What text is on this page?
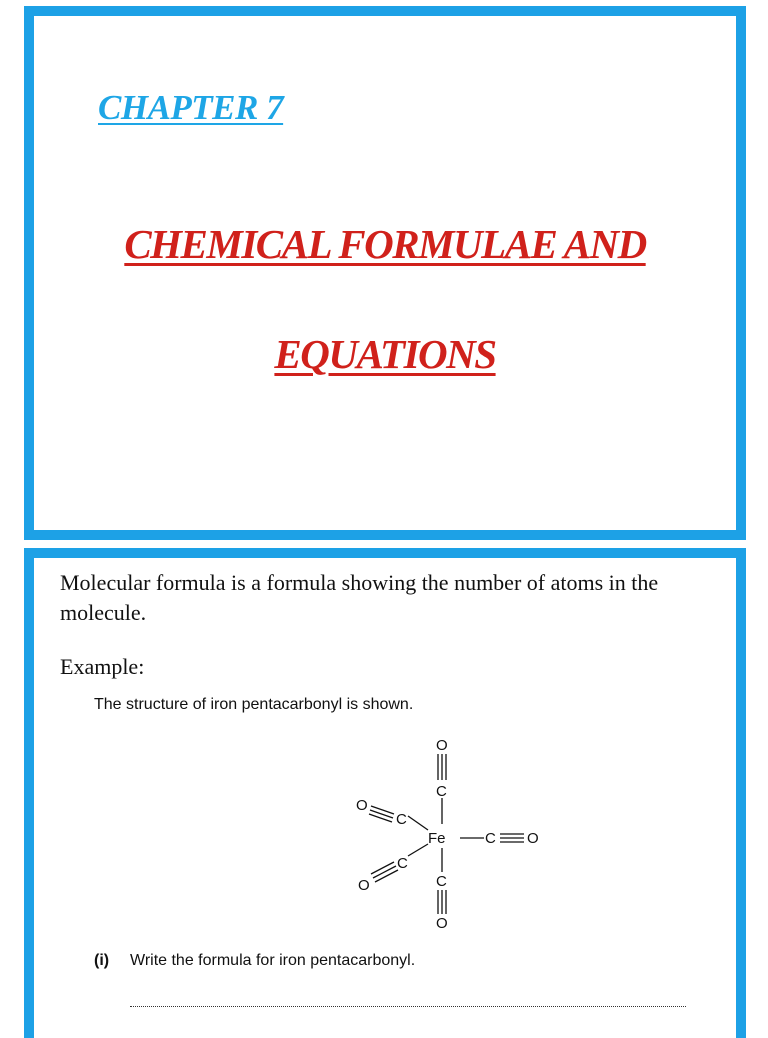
CHAPTER 7
CHEMICAL FORMULAE AND
EQUATIONS
Molecular formula is a formula showing the number of atoms in the molecule.
Example:
The structure of iron pentacarbonyl is shown.
O
C
Fe
C
O
C O
C
O
C
O
(i) Write the formula for iron pentacarbonyl.
